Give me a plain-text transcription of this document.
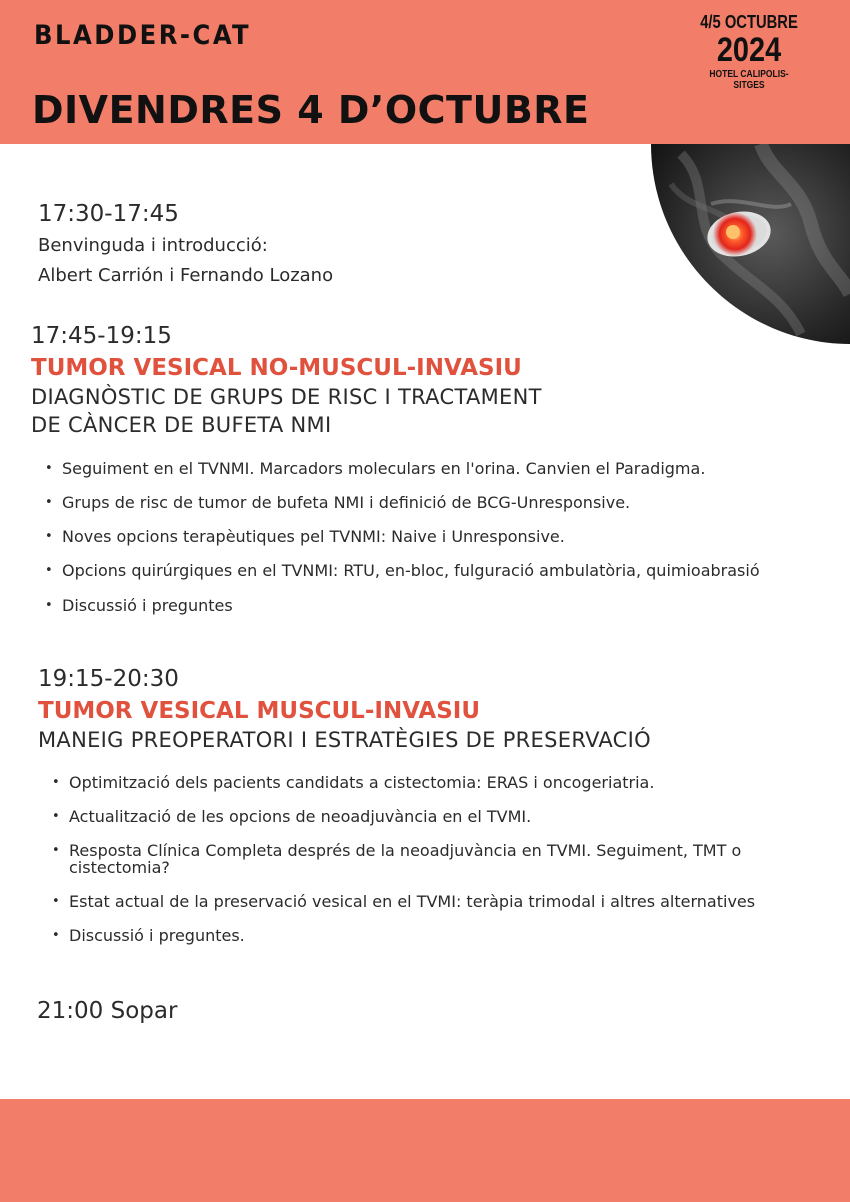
BLADDER-CAT	4/5 OCTUBRE
2024
HOTEL CALIPOLIS- SITGES
DIVENDRES 4 D’OCTUBRE
17:30-17:45
Benvinguda i introducció:
Albert Carrión i Fernando Lozano
17:45-19:15
TUMOR VESICAL NO-MUSCUL-INVASIU
DIAGNÒSTIC DE GRUPS DE RISC I TRACTAMENT
DE CÀNCER DE BUFETA NMI
• Seguiment en el TVNMI. Marcadors moleculars en l'orina. Canvien el Paradigma.
• Grups de risc de tumor de bufeta NMI i definició de BCG-Unresponsive.
• Noves opcions terapèutiques pel TVNMI: Naive i Unresponsive.
• Opcions quirúrgiques en el TVNMI: RTU, en-bloc, fulguració ambulatòria, quimioabrasió
• Discussió i preguntes
19:15-20:30
TUMOR VESICAL MUSCUL-INVASIU
MANEIG PREOPERATORI I ESTRATÈGIES DE PRESERVACIÓ
• Optimització dels pacients candidats a cistectomia: ERAS i oncogeriatria.
• Actualització de les opcions de neoadjuvància en el TVMI.
• Resposta Clínica Completa després de la neoadjuvància en TVMI. Seguiment, TMT o cistectomia?
• Estat actual de la preservació vesical en el TVMI: teràpia trimodal i altres alternatives
• Discussió i preguntes.
21:00 Sopar
